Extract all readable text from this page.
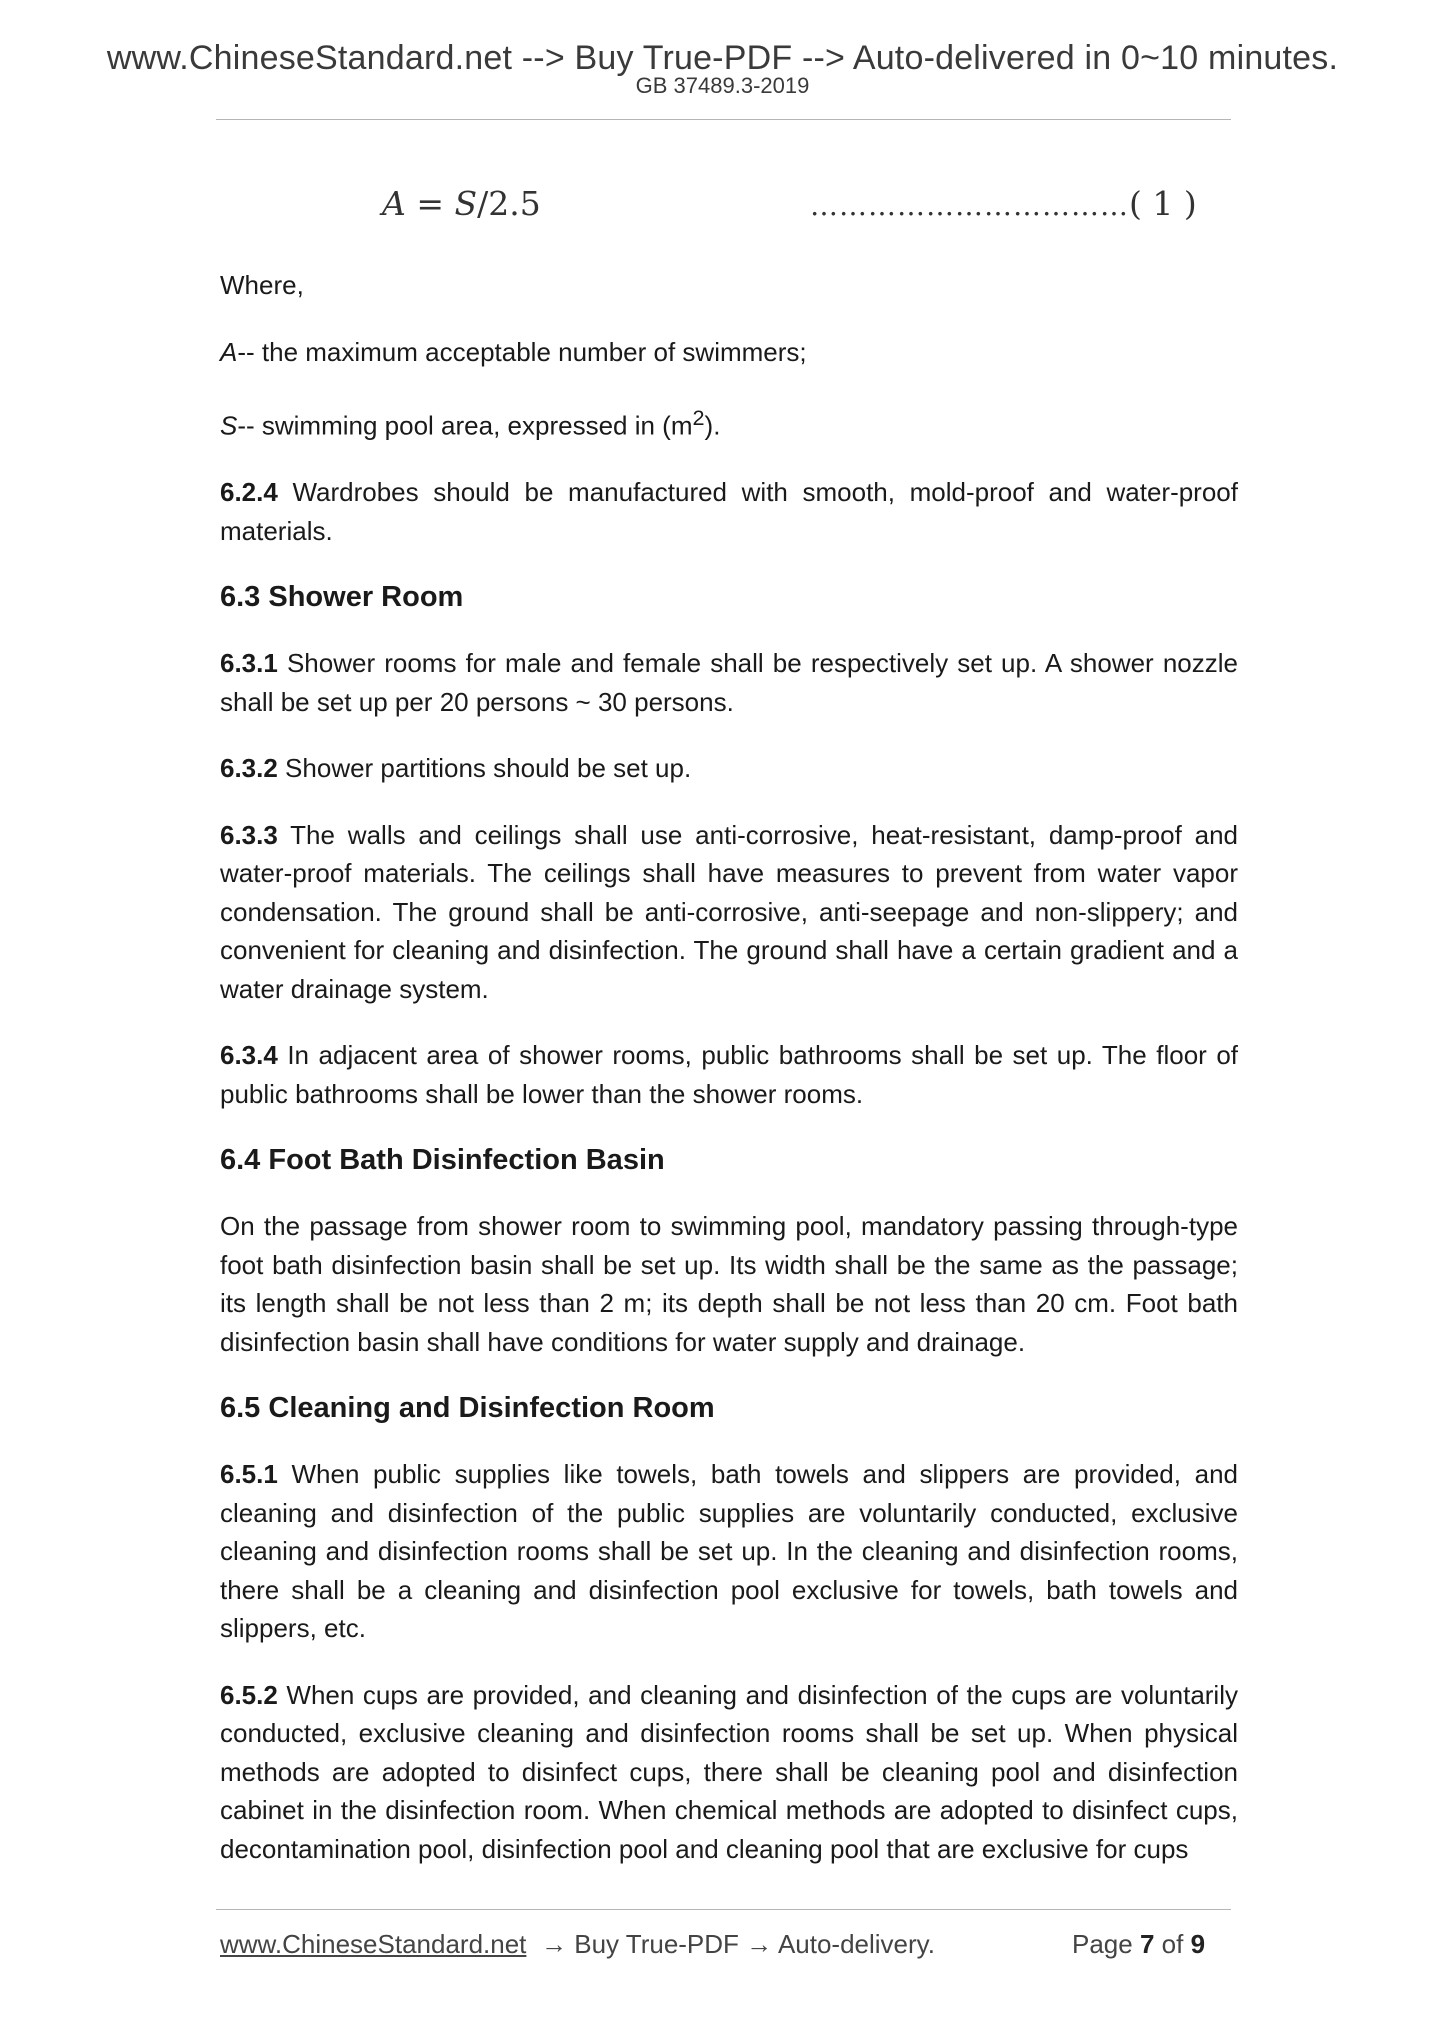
www.ChineseStandard.net --> Buy True-PDF --> Auto-delivered in 0~10 minutes.
GB 37489.3-2019
A = S/2.5	……………………………( 1 )

Where,

A-- the maximum acceptable number of swimmers;

S-- swimming pool area, expressed in $(m^2)$.

6.2.4 Wardrobes should be manufactured with smooth, mold-proof and water-proof materials.

6.3 Shower Room

6.3.1 Shower rooms for male and female shall be respectively set up. A shower nozzle shall be set up per 20 persons ~ 30 persons.

6.3.2 Shower partitions should be set up.

6.3.3 The walls and ceilings shall use anti-corrosive, heat-resistant, damp-proof and water-proof materials. The ceilings shall have measures to prevent from water vapor condensation. The ground shall be anti-corrosive, anti-seepage and non-slippery; and convenient for cleaning and disinfection. The ground shall have a certain gradient and a water drainage system.

6.3.4 In adjacent area of shower rooms, public bathrooms shall be set up. The floor of public bathrooms shall be lower than the shower rooms.

6.4 Foot Bath Disinfection Basin

On the passage from shower room to swimming pool, mandatory passing through-type foot bath disinfection basin shall be set up. Its width shall be the same as the passage; its length shall be not less than 2 m; its depth shall be not less than 20 cm. Foot bath disinfection basin shall have conditions for water supply and drainage.

6.5 Cleaning and Disinfection Room

6.5.1 When public supplies like towels, bath towels and slippers are provided, and cleaning and disinfection of the public supplies are voluntarily conducted, exclusive cleaning and disinfection rooms shall be set up. In the cleaning and disinfection rooms, there shall be a cleaning and disinfection pool exclusive for towels, bath towels and slippers, etc.

6.5.2 When cups are provided, and cleaning and disinfection of the cups are voluntarily conducted, exclusive cleaning and disinfection rooms shall be set up. When physical methods are adopted to disinfect cups, there shall be cleaning pool and disinfection cabinet in the disinfection room. When chemical methods are adopted to disinfect cups, decontamination pool, disinfection pool and cleaning pool that are exclusive for cups

www.ChineseStandard.net → Buy True-PDF → Auto-delivery.	Page 7 of 9
